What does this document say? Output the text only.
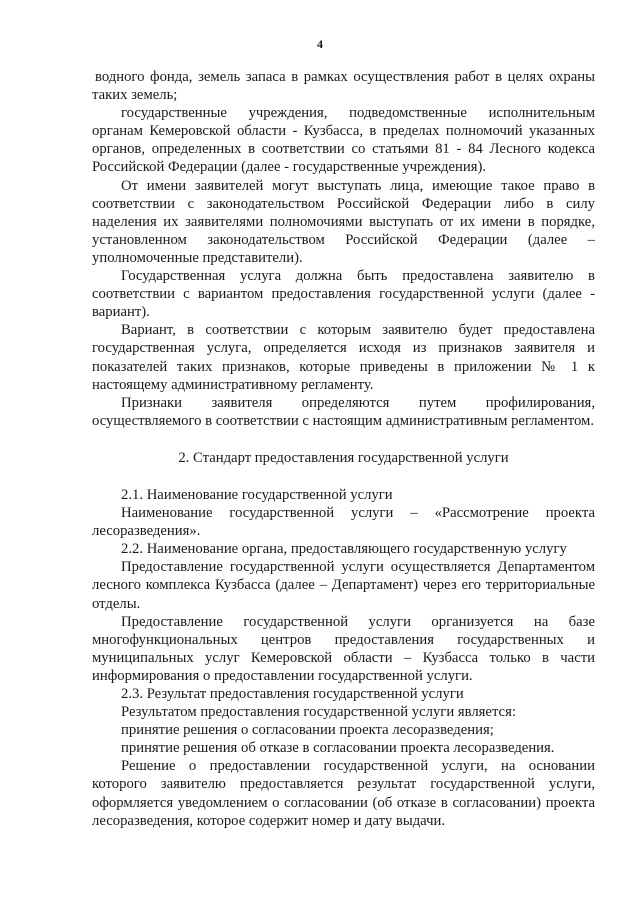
4

водного фонда, земель запаса в рамках осуществления работ в целях охраны таких земель;

государственные учреждения, подведомственные исполнительным органам Кемеровской области - Кузбасса, в пределах полномочий указанных органов, определенных в соответствии со статьями 81 - 84 Лесного кодекса Российской Федерации (далее - государственные учреждения).

От имени заявителей могут выступать лица, имеющие такое право в соответствии с законодательством Российской Федерации либо в силу наделения их заявителями полномочиями выступать от их имени в порядке, установленном законодательством Российской Федерации (далее – уполномоченные представители).

Государственная услуга должна быть предоставлена заявителю в соответствии с вариантом предоставления государственной услуги (далее - вариант).

Вариант, в соответствии с которым заявителю будет предоставлена государственная услуга, определяется исходя из признаков заявителя и показателей таких признаков, которые приведены в приложении № 1 к настоящему административному регламенту.

Признаки заявителя определяются путем профилирования, осуществляемого в соответствии с настоящим административным регламентом.

2. Стандарт предоставления государственной услуги

2.1. Наименование государственной услуги

Наименование государственной услуги – «Рассмотрение проекта лесоразведения».

2.2. Наименование органа, предоставляющего государственную услугу

Предоставление государственной услуги осуществляется Департаментом лесного комплекса Кузбасса (далее – Департамент) через его территориальные отделы.

Предоставление государственной услуги организуется на базе многофункциональных центров предоставления государственных и муниципальных услуг Кемеровской области – Кузбасса только в части информирования о предоставлении государственной услуги.

2.3. Результат предоставления государственной услуги

Результатом предоставления государственной услуги является:

принятие решения о согласовании проекта лесоразведения;

принятие решения об отказе в согласовании проекта лесоразведения.

Решение о предоставлении государственной услуги, на основании которого заявителю предоставляется результат государственной услуги, оформляется уведомлением о согласовании (об отказе в согласовании) проекта лесоразведения, которое содержит номер и дату выдачи.
